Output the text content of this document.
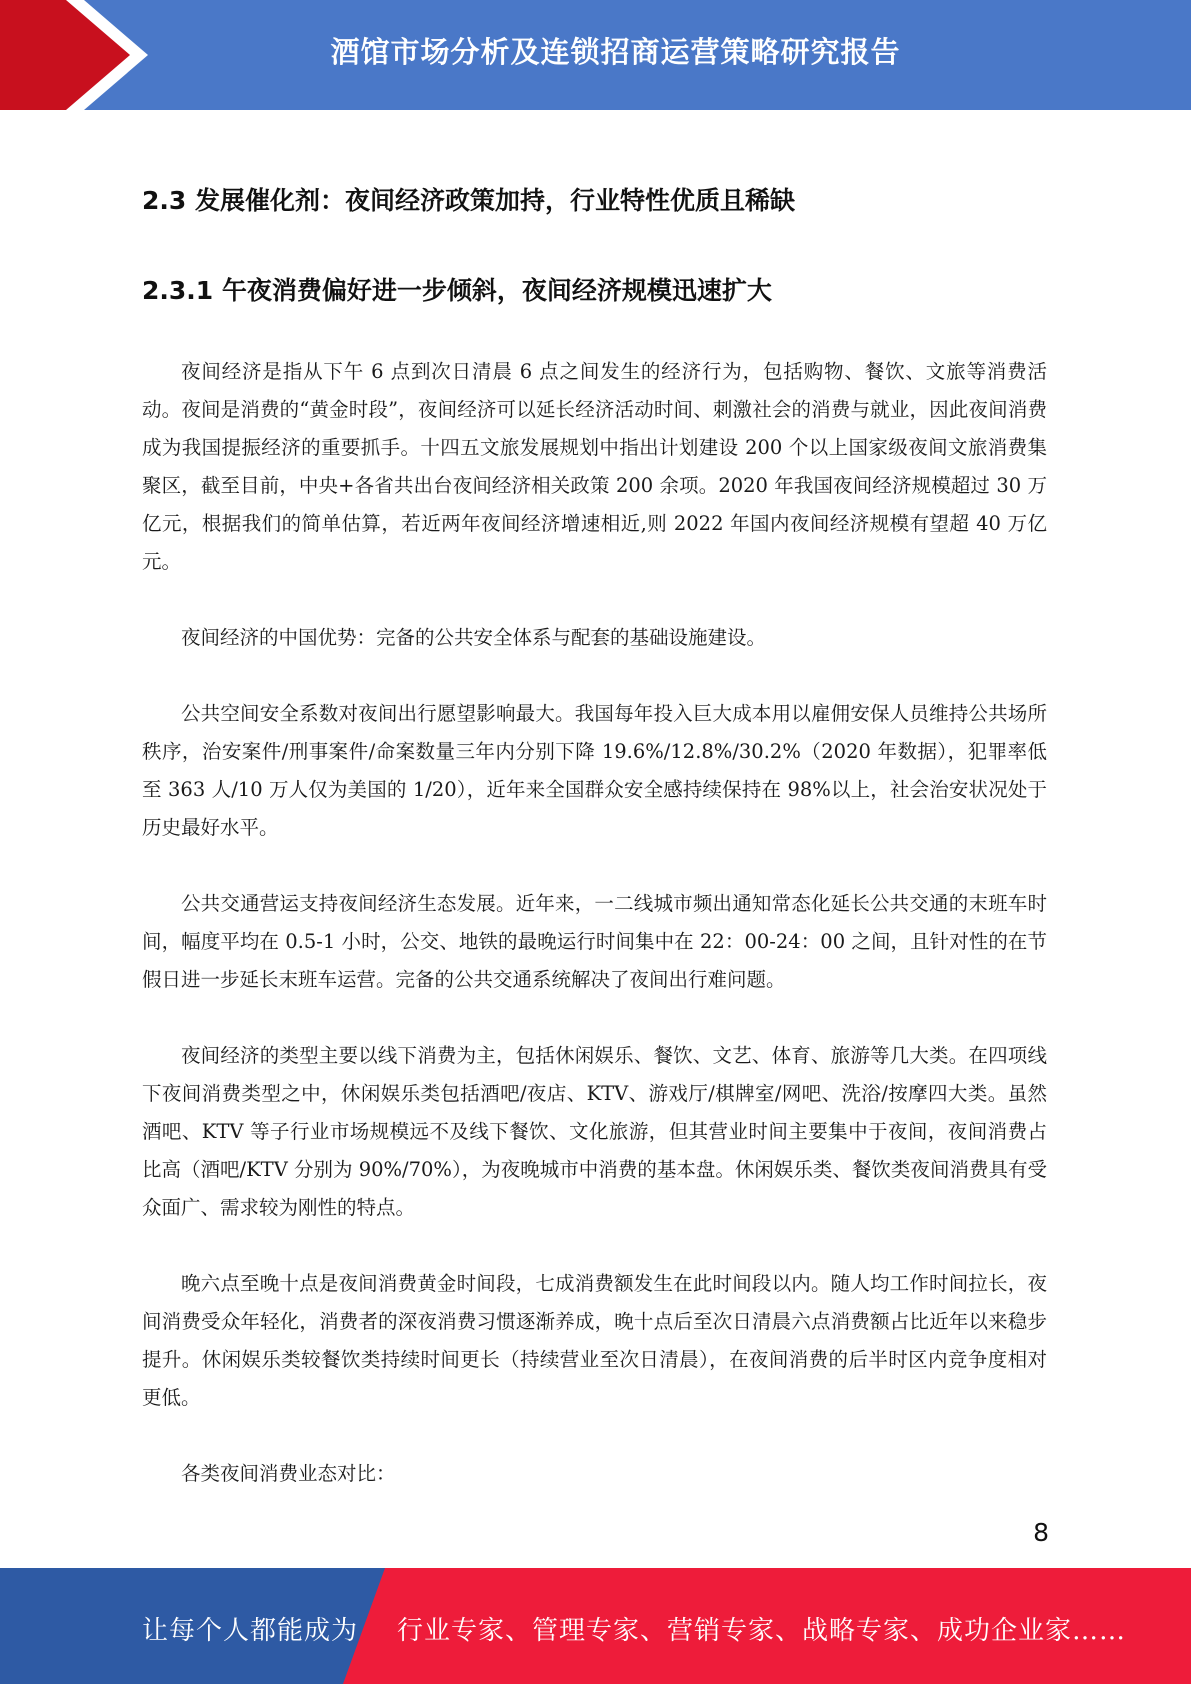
酒馆市场分析及连锁招商运营策略研究报告
2.3 发展催化剂：夜间经济政策加持，行业特性优质且稀缺
2.3.1 午夜消费偏好进一步倾斜，夜间经济规模迅速扩大

夜间经济是指从下午 6 点到次日清晨 6 点之间发生的经济行为，包括购物、餐饮、文旅等消费活动。夜间是消费的“黄金时段”，夜间经济可以延长经济活动时间、刺激社会的消费与就业，因此夜间消费成为我国提振经济的重要抓手。十四五文旅发展规划中指出计划建设 200 个以上国家级夜间文旅消费集聚区，截至目前，中央+各省共出台夜间经济相关政策 200 余项。2020 年我国夜间经济规模超过 30 万亿元，根据我们的简单估算，若近两年夜间经济增速相近,则 2022 年国内夜间经济规模有望超 40 万亿元。

夜间经济的中国优势：完备的公共安全体系与配套的基础设施建设。

公共空间安全系数对夜间出行愿望影响最大。我国每年投入巨大成本用以雇佣安保人员维持公共场所秩序，治安案件/刑事案件/命案数量三年内分别下降 19.6%/12.8%/30.2%（2020 年数据），犯罪率低至 363 人/10 万人仅为美国的 1/20），近年来全国群众安全感持续保持在 98%以上，社会治安状况处于历史最好水平。

公共交通营运支持夜间经济生态发展。近年来，一二线城市频出通知常态化延长公共交通的末班车时间，幅度平均在 0.5-1 小时，公交、地铁的最晚运行时间集中在 22：00-24：00 之间，且针对性的在节假日进一步延长末班车运营。完备的公共交通系统解决了夜间出行难问题。

夜间经济的类型主要以线下消费为主，包括休闲娱乐、餐饮、文艺、体育、旅游等几大类。在四项线下夜间消费类型之中，休闲娱乐类包括酒吧/夜店、KTV、游戏厅/棋牌室/网吧、洗浴/按摩四大类。虽然酒吧、KTV 等子行业市场规模远不及线下餐饮、文化旅游，但其营业时间主要集中于夜间，夜间消费占比高（酒吧/KTV 分别为 90%/70%），为夜晚城市中消费的基本盘。休闲娱乐类、餐饮类夜间消费具有受众面广、需求较为刚性的特点。

晚六点至晚十点是夜间消费黄金时间段，七成消费额发生在此时间段以内。随人均工作时间拉长，夜间消费受众年轻化，消费者的深夜消费习惯逐渐养成，晚十点后至次日清晨六点消费额占比近年以来稳步提升。休闲娱乐类较餐饮类持续时间更长（持续营业至次日清晨），在夜间消费的后半时区内竞争度相对更低。

各类夜间消费业态对比：

8
让每个人都能成为 行业专家、管理专家、营销专家、战略专家、成功企业家……
